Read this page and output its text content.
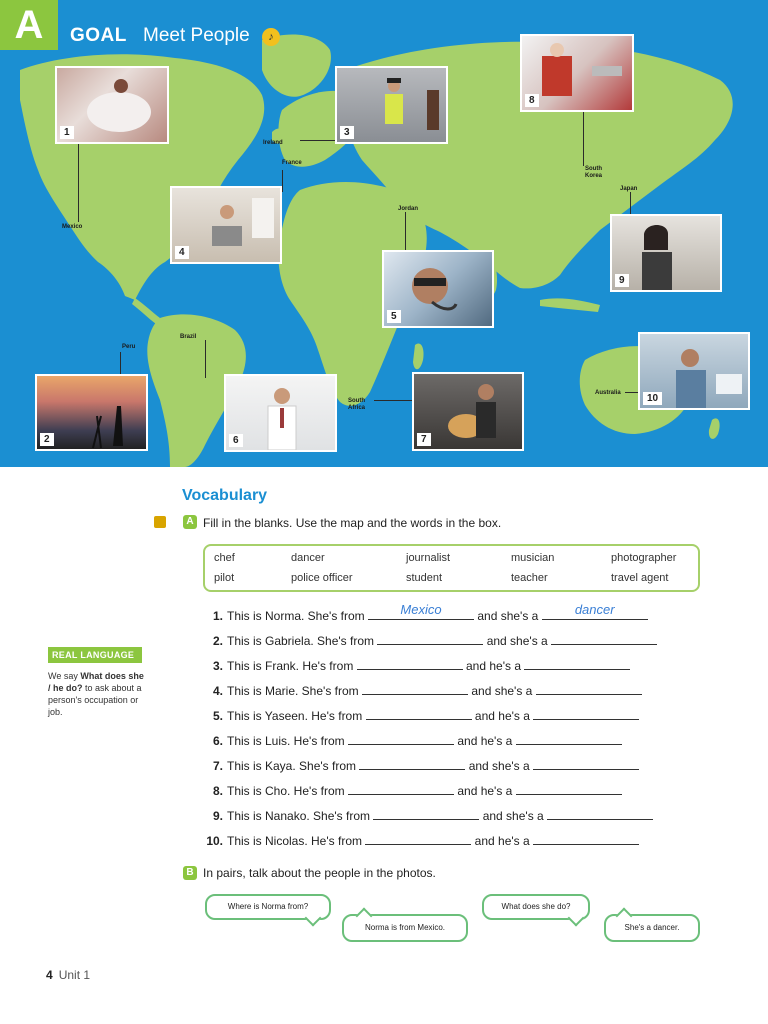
A	GOAL Meet People	♪
Ireland
France
Mexico
Jordan
South Korea
Japan
Peru
Brazil
South Africa
Australia
1
2
3
4
5
6	7
8
9
10
Vocabulary
A Fill in the blanks. Use the map and the words in the box.
chef	dancer	journalist	musician	photographer
pilot	police officer	student	teacher	travel agent
1. This is Norma. She's from	Mexico	and she's a	dancer
2. This is Gabriela. She's from	and she's a
3. This is Frank. He's from	and he's a
4. This is Marie. She's from	and she's a
5. This is Yaseen. He's from	and he's a
6. This is Luis. He's from	and he's a
7. This is Kaya. She's from	and she's a
8. This is Cho. He's from	and he's a
9. This is Nanako. She's from	and she's a
10. This is Nicolas. He's from	and he's a
REAL LANGUAGE
We say What does she / he do? to ask about a person's occupation or job.
B In pairs, talk about the people in the photos.
Where is Norma from?
Norma is from Mexico.
What does she do?
She's a dancer.
4 Unit 1
